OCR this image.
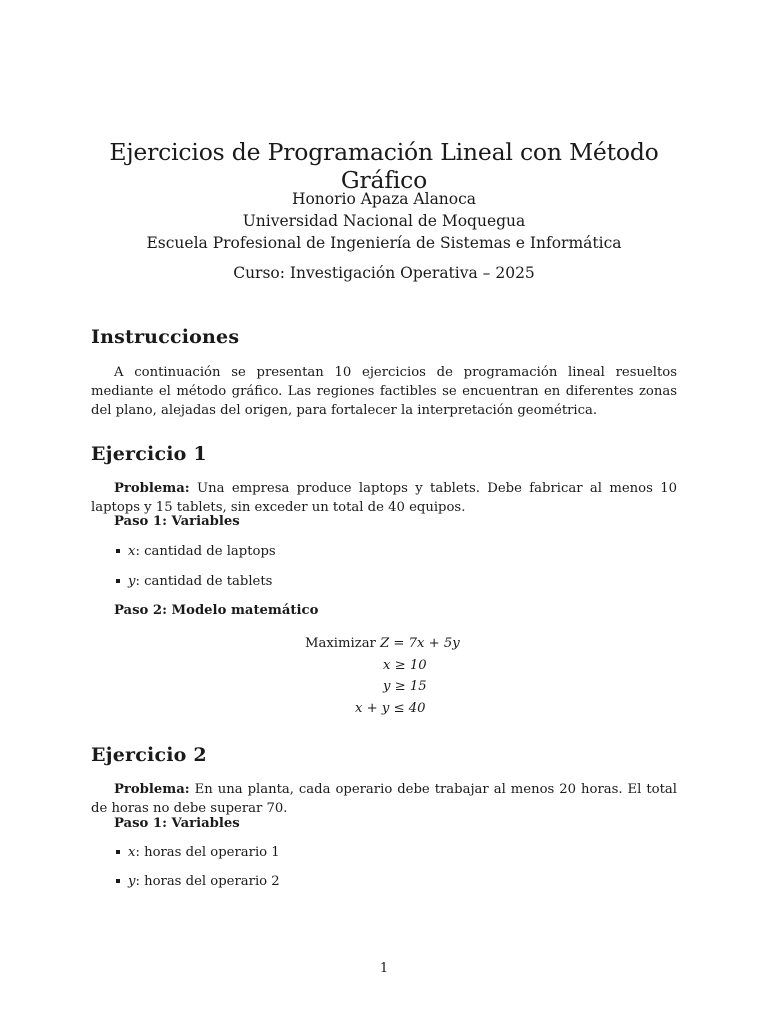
Ejercicios de Programación Lineal con Método Gráfico
Honorio Apaza Alanoca
Universidad Nacional de Moquegua
Escuela Profesional de Ingeniería de Sistemas e Informática
Curso: Investigación Operativa – 2025
Instrucciones

A continuación se presentan 10 ejercicios de programación lineal resueltos mediante el método gráfico. Las regiones factibles se encuentran en diferentes zonas del plano, alejadas del origen, para fortalecer la interpretación geométrica.

Ejercicio 1

Problema: Una empresa produce laptops y tablets. Debe fabricar al menos 10 laptops y 15 tablets, sin exceder un total de 40 equipos.

Paso 1: Variables

x: cantidad de laptops

y: cantidad de tablets

Paso 2: Modelo matemático

Maximizar Z = 7x + 5y
x ≥ 10
y ≥ 15
x + y ≤ 40
Ejercicio 2

Problema: En una planta, cada operario debe trabajar al menos 20 horas. El total de horas no debe superar 70.

Paso 1: Variables

x: horas del operario 1

y: horas del operario 2

1
